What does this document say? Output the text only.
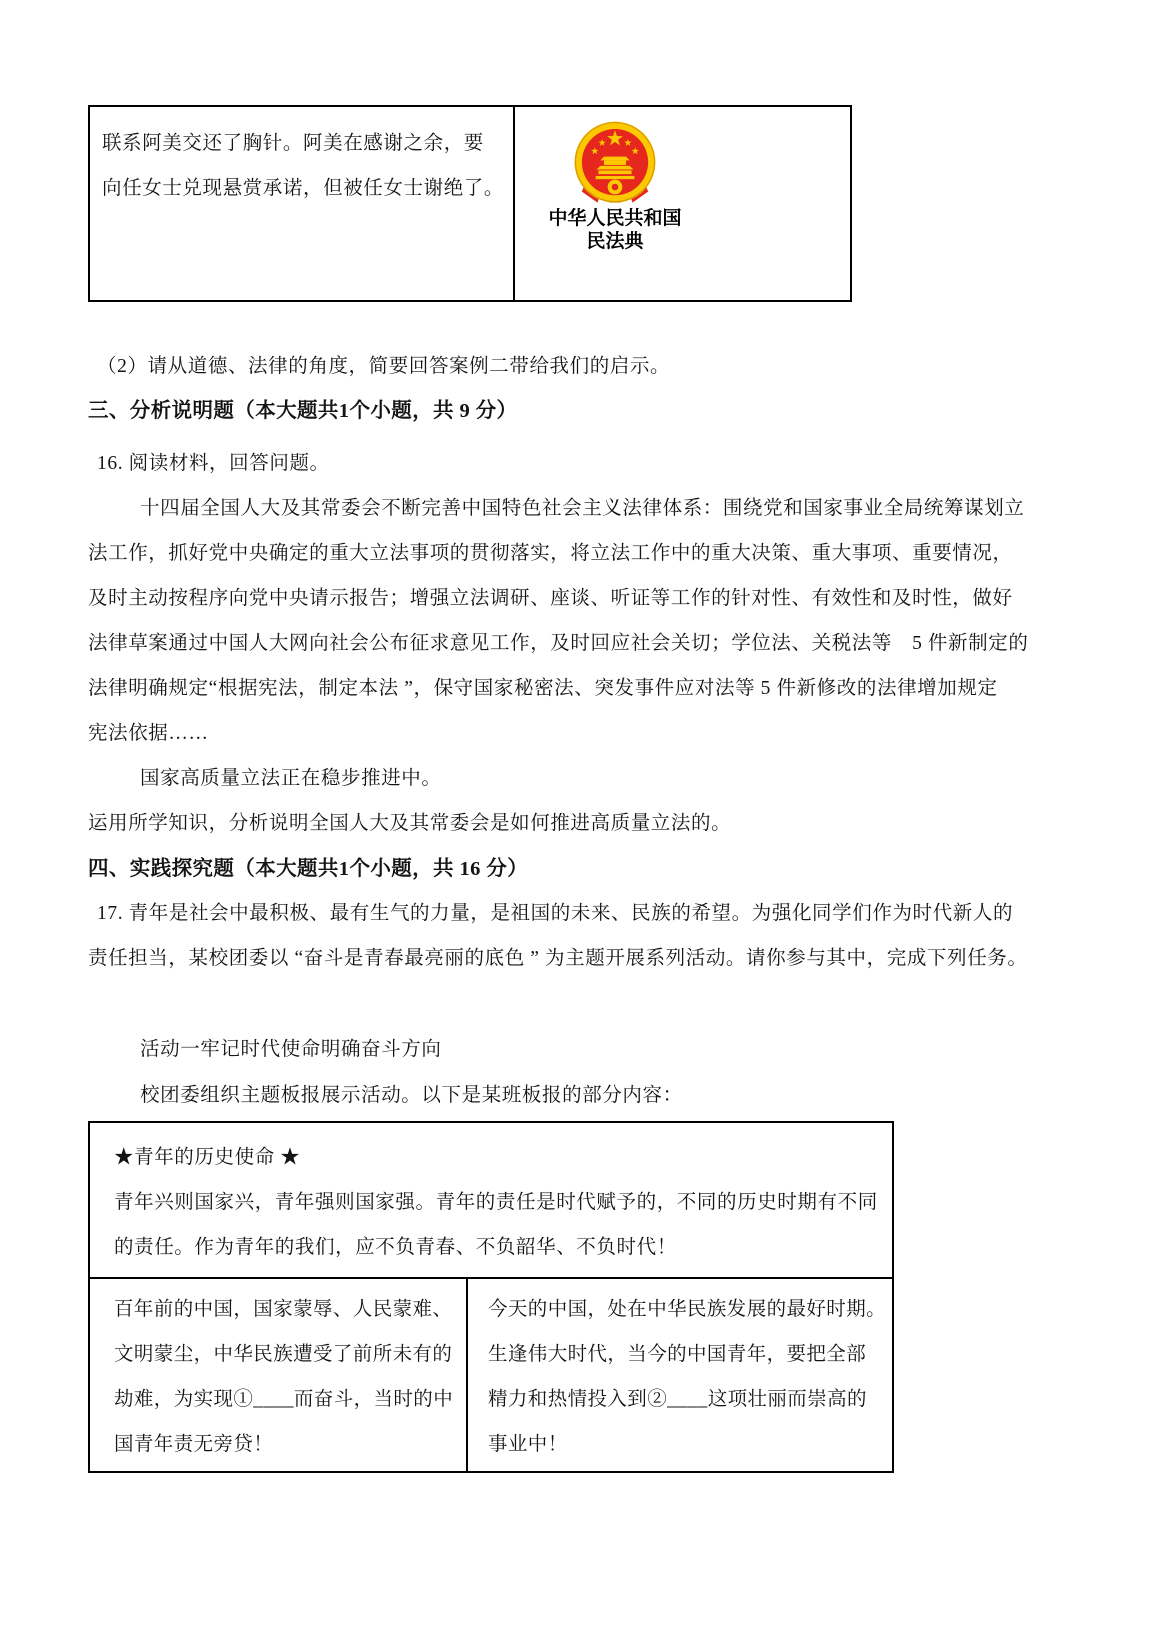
联系阿美交还了胸针。阿美在感谢之余，要
向任女士兑现悬赏承诺，但被任女士谢绝了。
中华人民共和国
民法典
（2）请从道德、法律的角度，简要回答案例二带给我们的启示。
三、分析说明题（本大题共1个小题，共 9 分）
16. 阅读材料，回答问题。
十四届全国人大及其常委会不断完善中国特色社会主义法律体系：围绕党和国家事业全局统筹谋划立
法工作，抓好党中央确定的重大立法事项的贯彻落实，将立法工作中的重大决策、重大事项、重要情况，
及时主动按程序向党中央请示报告；增强立法调研、座谈、听证等工作的针对性、有效性和及时性，做好
法律草案通过中国人大网向社会公布征求意见工作，及时回应社会关切；学位法、关税法等　5 件新制定的
法律明确规定“根据宪法，制定本法 ”，保守国家秘密法、突发事件应对法等 5 件新修改的法律增加规定
宪法依据……
国家高质量立法正在稳步推进中。
运用所学知识，分析说明全国人大及其常委会是如何推进高质量立法的。
四、实践探究题（本大题共1个小题，共 16 分）
17. 青年是社会中最积极、最有生气的力量，是祖国的未来、民族的希望。为强化同学们作为时代新人的
责任担当，某校团委以 “奋斗是青春最亮丽的底色 ” 为主题开展系列活动。请你参与其中，完成下列任务。
活动一牢记时代使命明确奋斗方向
校团委组织主题板报展示活动。以下是某班板报的部分内容：
★青年的历史使命 ★
青年兴则国家兴，青年强则国家强。青年的责任是时代赋予的，不同的历史时期有不同
的责任。作为青年的我们，应不负青春、不负韶华、不负时代！
百年前的中国，国家蒙辱、人民蒙难、
文明蒙尘，中华民族遭受了前所未有的
劫难，为实现①____而奋斗，当时的中
国青年责无旁贷！
今天的中国，处在中华民族发展的最好时期。
生逢伟大时代，当今的中国青年，要把全部
精力和热情投入到②____这项壮丽而崇高的
事业中！
